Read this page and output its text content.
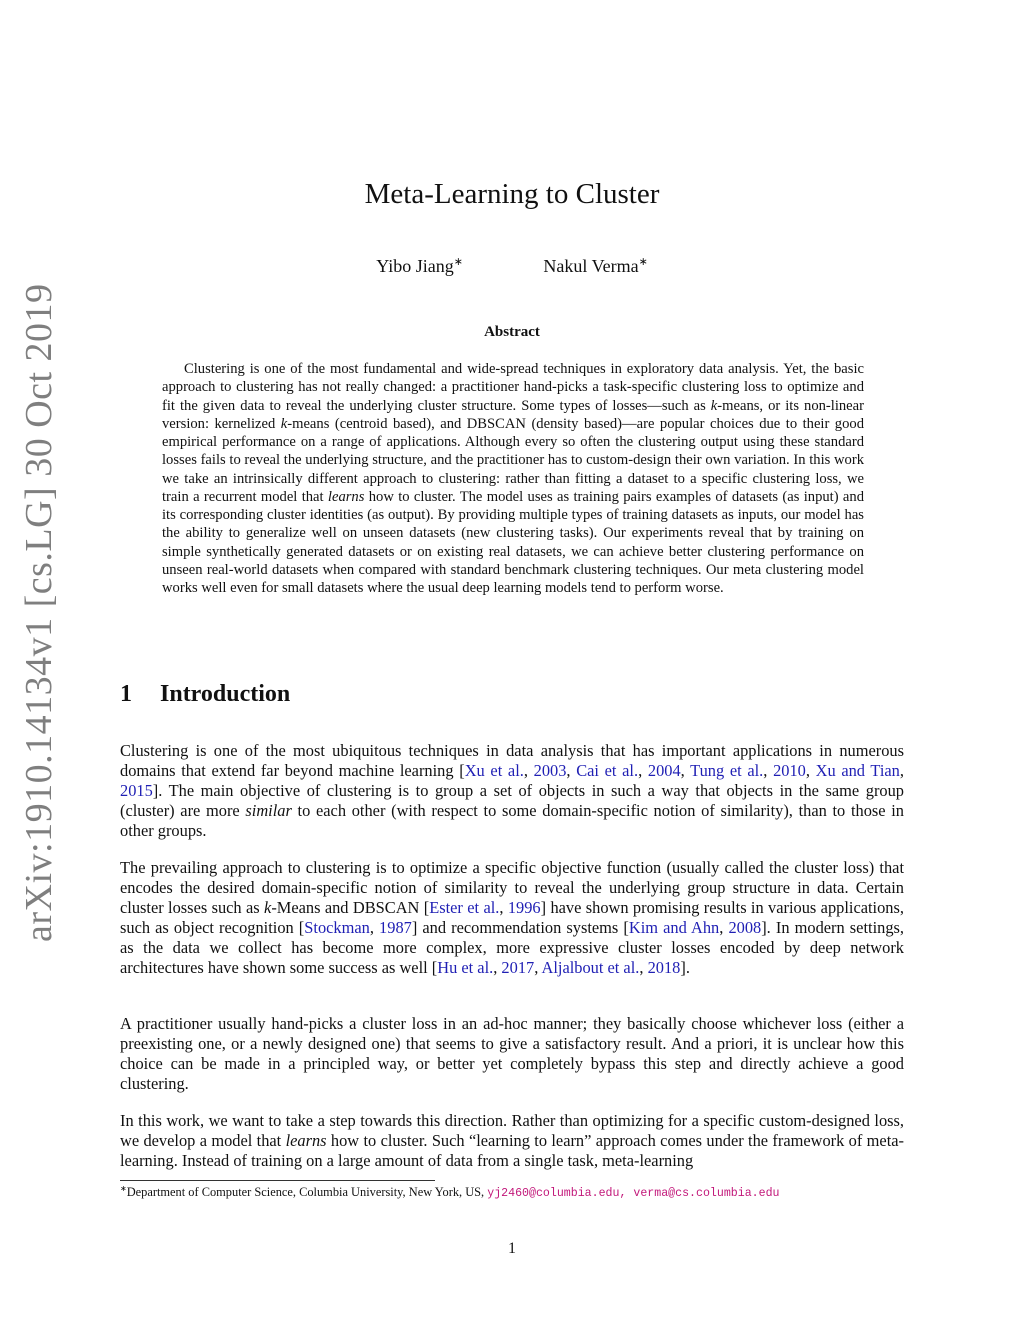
arXiv:1910.14134v1 [cs.LG] 30 Oct 2019
Meta-Learning to Cluster
Yibo Jiang∗	Nakul Verma∗
Abstract
Clustering is one of the most fundamental and wide-spread techniques in exploratory data analysis. Yet, the basic approach to clustering has not really changed: a practitioner hand-picks a task-specific clustering loss to optimize and fit the given data to reveal the underlying cluster structure. Some types of losses—such as k-means, or its non-linear version: kernelized k-means (centroid based), and DBSCAN (density based)—are popular choices due to their good empirical performance on a range of applications. Although every so often the clustering output using these standard losses fails to reveal the underlying structure, and the practitioner has to custom-design their own variation. In this work we take an intrinsically different approach to clustering: rather than fitting a dataset to a specific clustering loss, we train a recurrent model that learns how to cluster. The model uses as training pairs examples of datasets (as input) and its corresponding cluster identities (as output). By providing multiple types of training datasets as inputs, our model has the ability to generalize well on unseen datasets (new clustering tasks). Our experiments reveal that by training on simple synthetically generated datasets or on existing real datasets, we can achieve better clustering performance on unseen real-world datasets when compared with standard benchmark clustering techniques. Our meta clustering model works well even for small datasets where the usual deep learning models tend to perform worse.
1 Introduction
Clustering is one of the most ubiquitous techniques in data analysis that has important applications in numerous domains that extend far beyond machine learning [Xu et al., 2003, Cai et al., 2004, Tung et al., 2010, Xu and Tian, 2015]. The main objective of clustering is to group a set of objects in such a way that objects in the same group (cluster) are more similar to each other (with respect to some domain-specific notion of similarity), than to those in other groups.
The prevailing approach to clustering is to optimize a specific objective function (usually called the cluster loss) that encodes the desired domain-specific notion of similarity to reveal the underlying group structure in data. Certain cluster losses such as k-Means and DBSCAN [Ester et al., 1996] have shown promising results in various applications, such as object recognition [Stockman, 1987] and recommendation systems [Kim and Ahn, 2008]. In modern settings, as the data we collect has become more complex, more expressive cluster losses encoded by deep network architectures have shown some success as well [Hu et al., 2017, Aljalbout et al., 2018].
A practitioner usually hand-picks a cluster loss in an ad-hoc manner; they basically choose whichever loss (either a preexisting one, or a newly designed one) that seems to give a satisfactory result. And a priori, it is unclear how this choice can be made in a principled way, or better yet completely bypass this step and directly achieve a good clustering.
In this work, we want to take a step towards this direction. Rather than optimizing for a specific custom-designed loss, we develop a model that learns how to cluster. Such “learning to learn” approach comes under the framework of meta-learning. Instead of training on a large amount of data from a single task, meta-learning
∗Department of Computer Science, Columbia University, New York, US, yj2460@columbia.edu, verma@cs.columbia.edu
1
